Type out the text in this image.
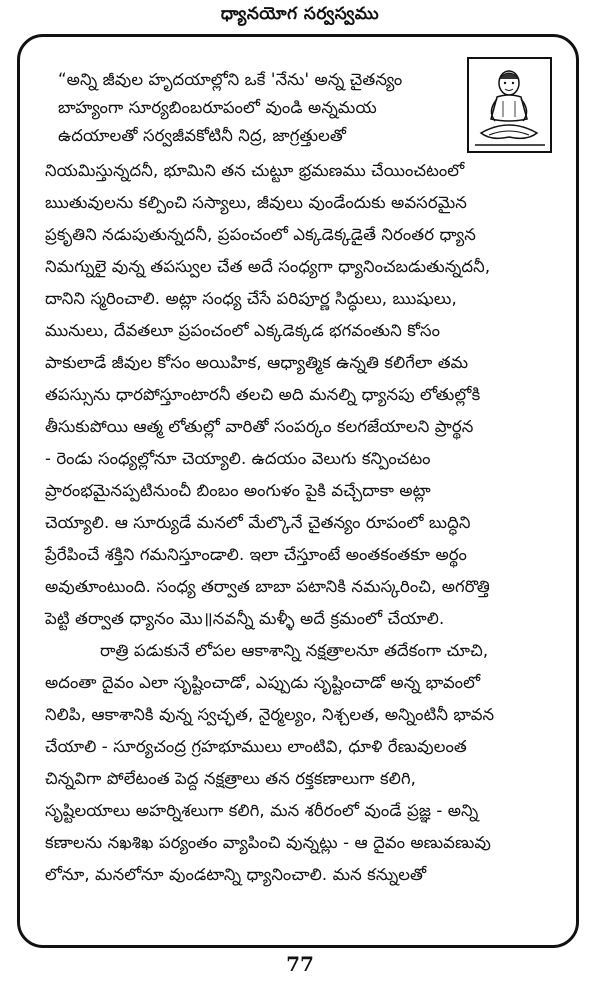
ధ్యానయోగ సర్వస్వము
“అన్ని జీవుల హృదయాల్లోని ఒకే 'నేను' అన్న చైతన్యం
బాహ్యంగా సూర్యబింబరూపంలో వుండి అన్నమయ
ఉదయాలతో సర్వజీవకోటినీ నిద్ర, జాగ్రత్తులతో
నియమిస్తున్నదనీ, భూమిని తన చుట్టూ భ్రమణము చేయించటంలో
ఋతువులను కల్పించి సస్యాలు, జీవులు వుండేందుకు అవసరమైన
ప్రకృతిని నడుపుతున్నదనీ, ప్రపంచంలో ఎక్కడెక్కడైతే నిరంతర ధ్యాన
నిమగ్నులై వున్న తపస్వుల చేత అదే సంధ్యగా ధ్యానించబడుతున్నదనీ,
దానిని స్మరించాలి. అట్లా సంధ్య చేసే పరిపూర్ణ సిద్ధులు, ఋషులు,
మునులు, దేవతలూ ప్రపంచంలో ఎక్కడెక్కడ భగవంతుని కోసం
పాకులాడే జీవుల కోసం అయిహిక, ఆధ్యాత్మిక ఉన్నతి కలిగేలా తమ
తపస్సును ధారపోస్తూంటారనీ తలచి అది మనల్ని ధ్యానపు లోతుల్లోకి
తీసుకుపోయి ఆత్మ లోతుల్లో వారితో సంపర్కం కలగజేయాలని ప్రార్థన
- రెండు సంధ్యల్లోనూ చెయ్యాలి. ఉదయం వెలుగు కన్పించటం
ప్రారంభమైనప్పటినుంచీ బింబం అంగుళం పైకి వచ్చేదాకా అట్లా
చెయ్యాలి. ఆ సూర్యుడే మనలో మేల్కొనే చైతన్యం రూపంలో బుద్ధిని
ప్రేరేపించే శక్తిని గమనిస్తూండాలి. ఇలా చేస్తూంటే అంతకంతకూ అర్థం
అవుతూంటుంది. సంధ్య తర్వాత బాబా పటానికి నమస్కరించి, అగరొత్తి
పెట్టి తర్వాత ధ్యానం మొ॥నవన్నీ మళ్ళీ అదే క్రమంలో చేయాలి.
రాత్రి పడుకునే లోపల ఆకాశాన్ని నక్షత్రాలనూ తదేకంగా చూచి,
అదంతా దైవం ఎలా సృష్టించాడో, ఎప్పుడు సృష్టించాడో అన్న భావంలో
నిలిపి, ఆకాశానికి వున్న స్వచ్ఛత, నైర్మల్యం, నిశ్చలత, అన్నింటినీ భావన
చేయాలి - సూర్యచంద్ర గ్రహభూములు లాంటివి, ధూళి రేణువులంత
చిన్నవిగా పోలేటంత పెద్ద నక్షత్రాలు తన రక్తకణాలుగా కలిగి,
సృష్టిలయాలు అహర్నిశలుగా కలిగి, మన శరీరంలో వుండే ప్రజ్ఞ - అన్ని
కణాలను నఖశిఖ పర్యంతం వ్యాపించి వున్నట్లు - ఆ దైవం అణువణువు
లోనూ, మనలోనూ వుండటాన్ని ధ్యానించాలి. మన కన్నులతో
77
